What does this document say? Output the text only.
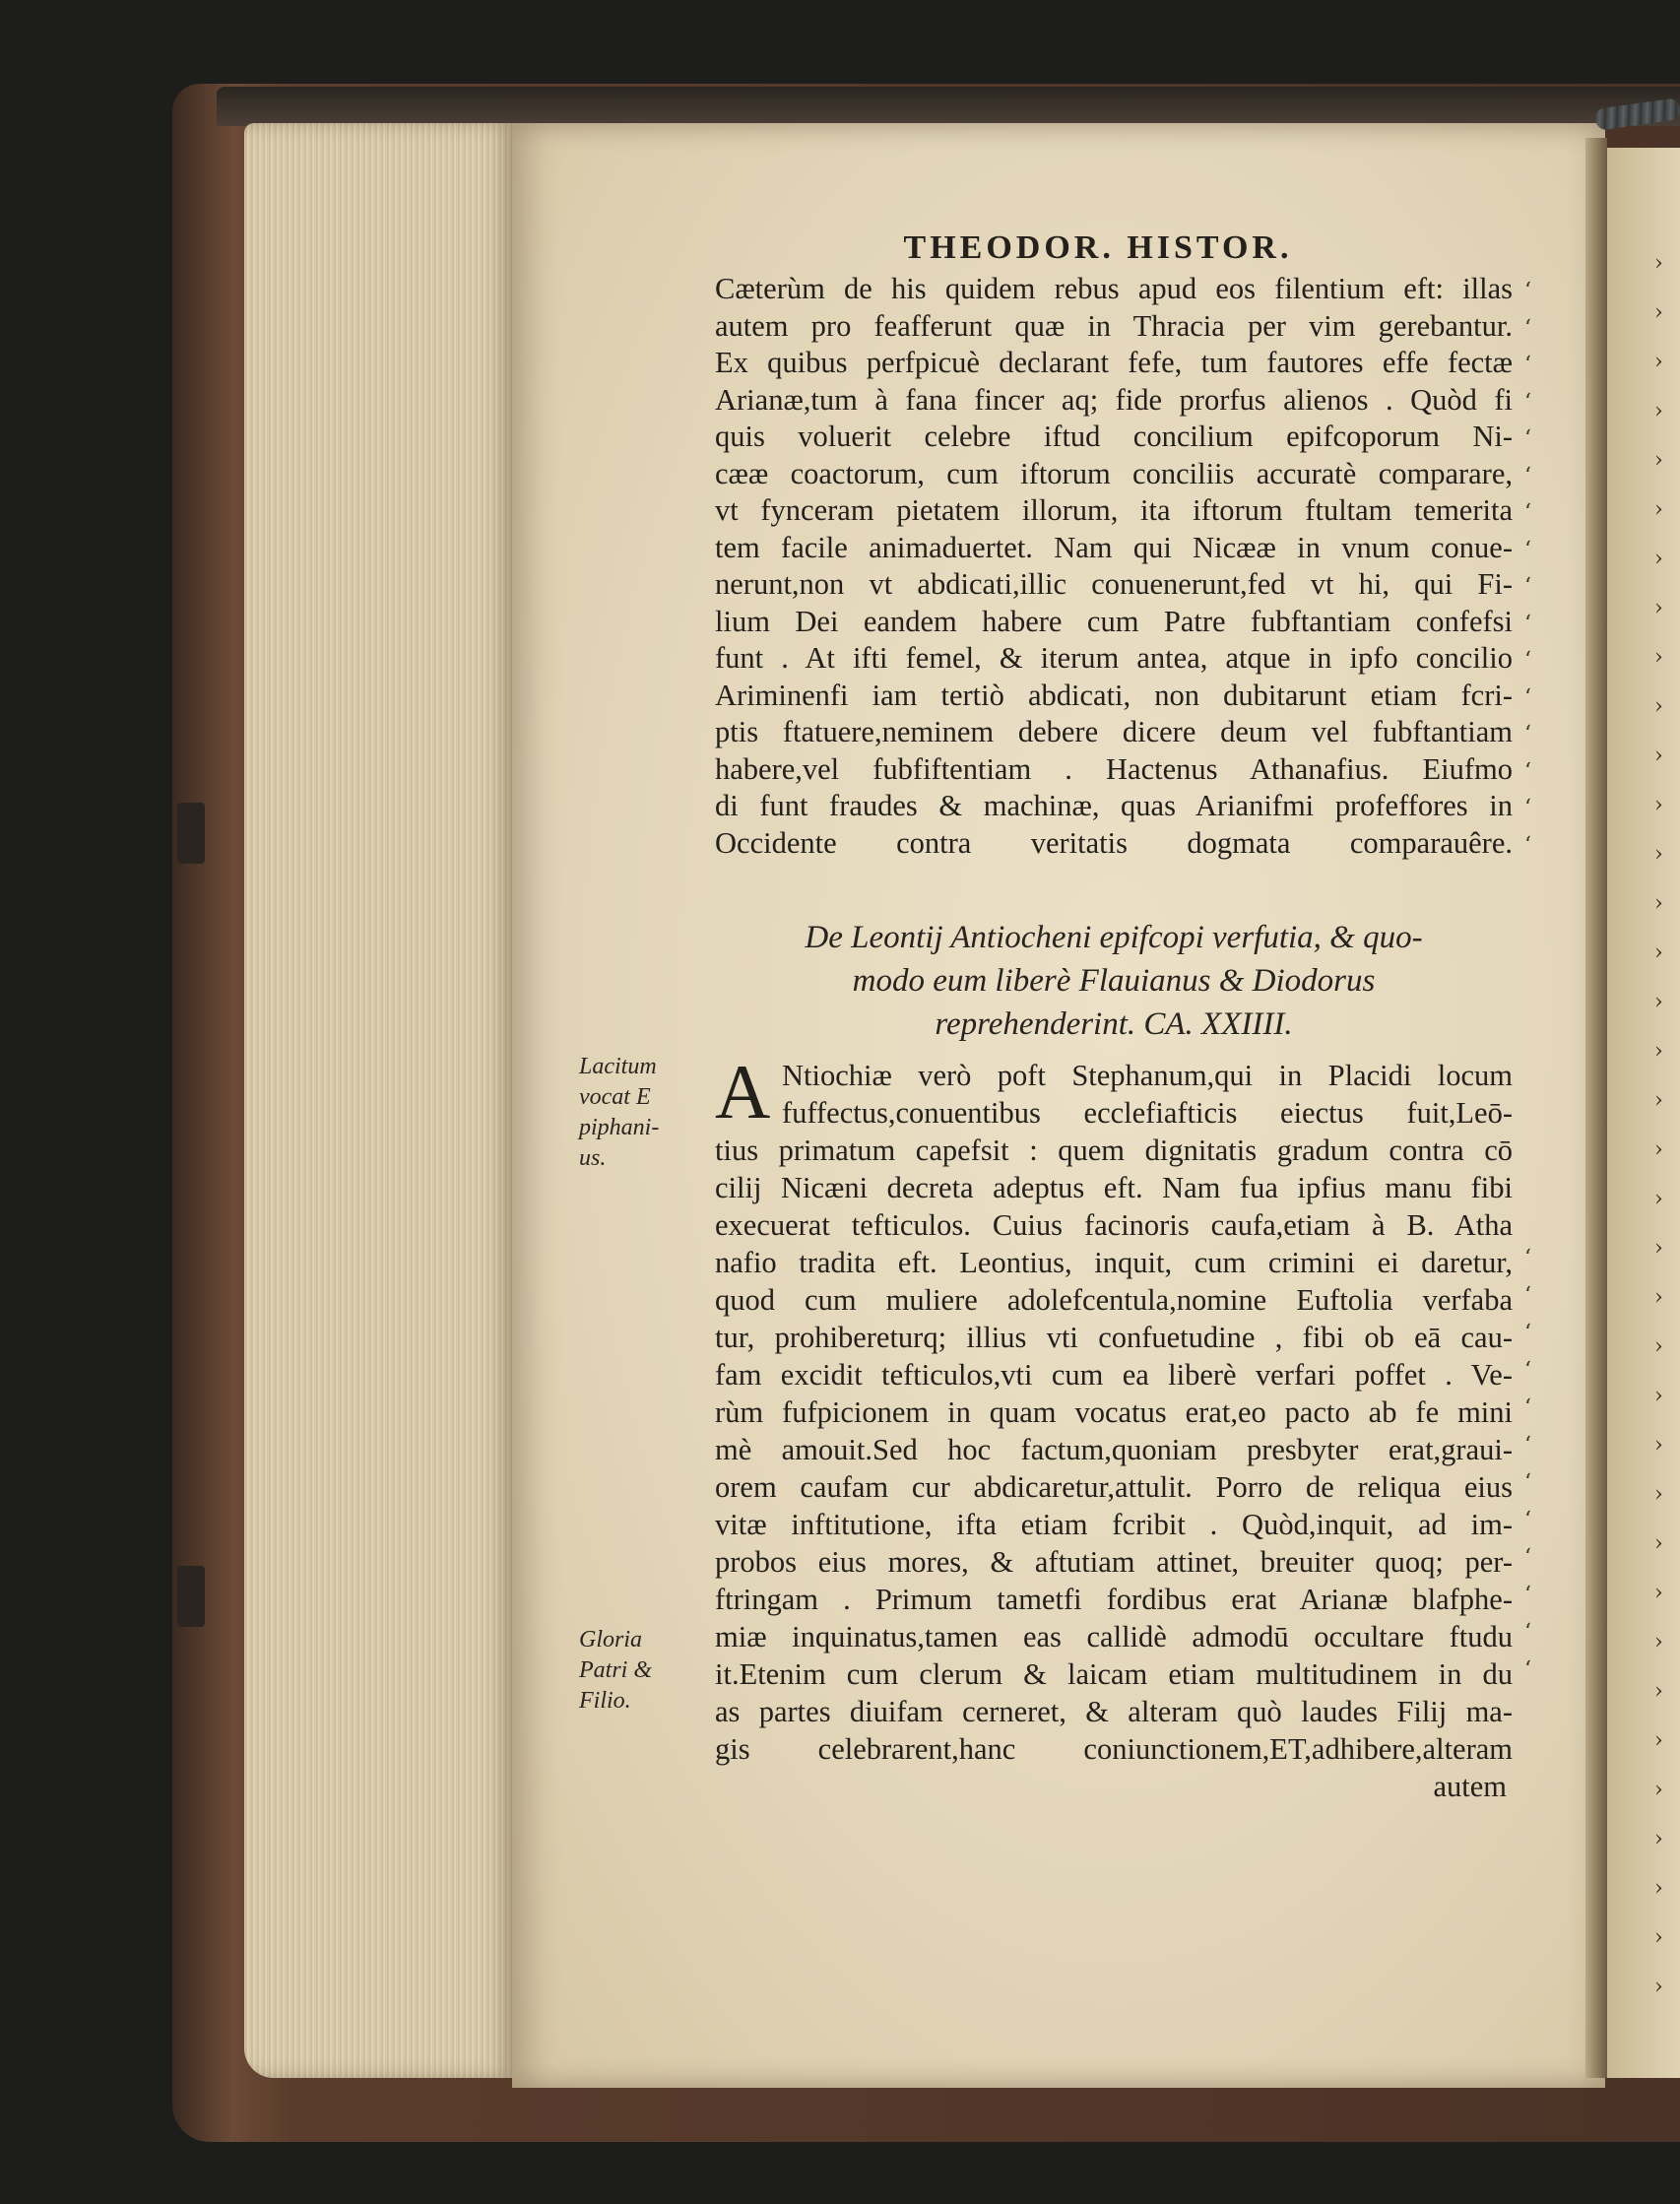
›
›
›
›
›
›
›
›
›
›
›
›
›
›
›
›
›
›
›
›
›
›
›
›
›
›
›
›
›
›
›
›
›
›
›
›
THEODOR. HISTOR.
Cæterùm de his quidem rebus apud eos filentium eft: illas
autem pro feafferunt quæ in Thracia per vim gerebantur.
Ex quibus perfpicuè declarant fefe, tum fautores effe fectæ
Arianæ,tum à fana fincer aq; fide prorfus alienos . Quòd fi
quis voluerit celebre iftud concilium epifcoporum Ni-
cææ coactorum, cum iftorum conciliis accuratè comparare,
vt fynceram pietatem illorum, ita iftorum ftultam temerita
tem facile animaduertet. Nam qui Nicææ in vnum conue-
nerunt,non vt abdicati,illic conuenerunt,fed vt hi, qui Fi-
lium Dei eandem habere cum Patre fubftantiam confefsi
funt . At ifti femel, & iterum antea, atque in ipfo concilio
Ariminenfi iam tertiò abdicati, non dubitarunt etiam fcri-
ptis ftatuere,neminem debere dicere deum vel fubftantiam
habere,vel fubfiftentiam . Hactenus Athanafius. Eiufmo
di funt fraudes & machinæ, quas Arianifmi profeffores in
Occidente contra veritatis dogmata comparauêre.
De Leontij Antiocheni epifcopi verfutia, & quo-
modo eum liberè Flauianus & Diodorus
reprehenderint. CA. XXIIII.
A Ntiochiæ verò poft Stephanum,qui in Placidi locum
fuffectus,conuentibus ecclefiafticis eiectus fuit,Leō-
tius primatum capefsit : quem dignitatis gradum contra cō
cilij Nicæni decreta adeptus eft. Nam fua ipfius manu fibi
execuerat tefticulos. Cuius facinoris caufa,etiam à B. Atha
nafio tradita eft. Leontius, inquit, cum crimini ei daretur,
quod cum muliere adolefcentula,nomine Euftolia verfaba
tur, prohibereturq; illius vti confuetudine , fibi ob eā cau-
fam excidit tefticulos,vti cum ea liberè verfari poffet . Ve-
rùm fufpicionem in quam vocatus erat,eo pacto ab fe mini
mè amouit.Sed hoc factum,quoniam presbyter erat,graui-
orem caufam cur abdicaretur,attulit. Porro de reliqua eius
vitæ inftitutione, ifta etiam fcribit . Quòd,inquit, ad im-
probos eius mores, & aftutiam attinet, breuiter quoq; per-
ftringam . Primum tametfi fordibus erat Arianæ blafphe-
miæ inquinatus,tamen eas callidè admodū occultare ftudu
it.Etenim cum clerum & laicam etiam multitudinem in du
as partes diuifam cerneret, & alteram quò laudes Filij ma-
gis celebrarent,hanc coniunctionem,ET,adhibere,alteram
autem
Lacitum
vocat E
piphani-
us.
Gloria
Patri &
Filio.
‘
‘
‘
‘
‘
‘
‘
‘
‘
‘
‘
‘
‘
‘
‘
‘
‘
‘
‘
‘
‘
‘
‘
‘
‘
‘
‘
‘
